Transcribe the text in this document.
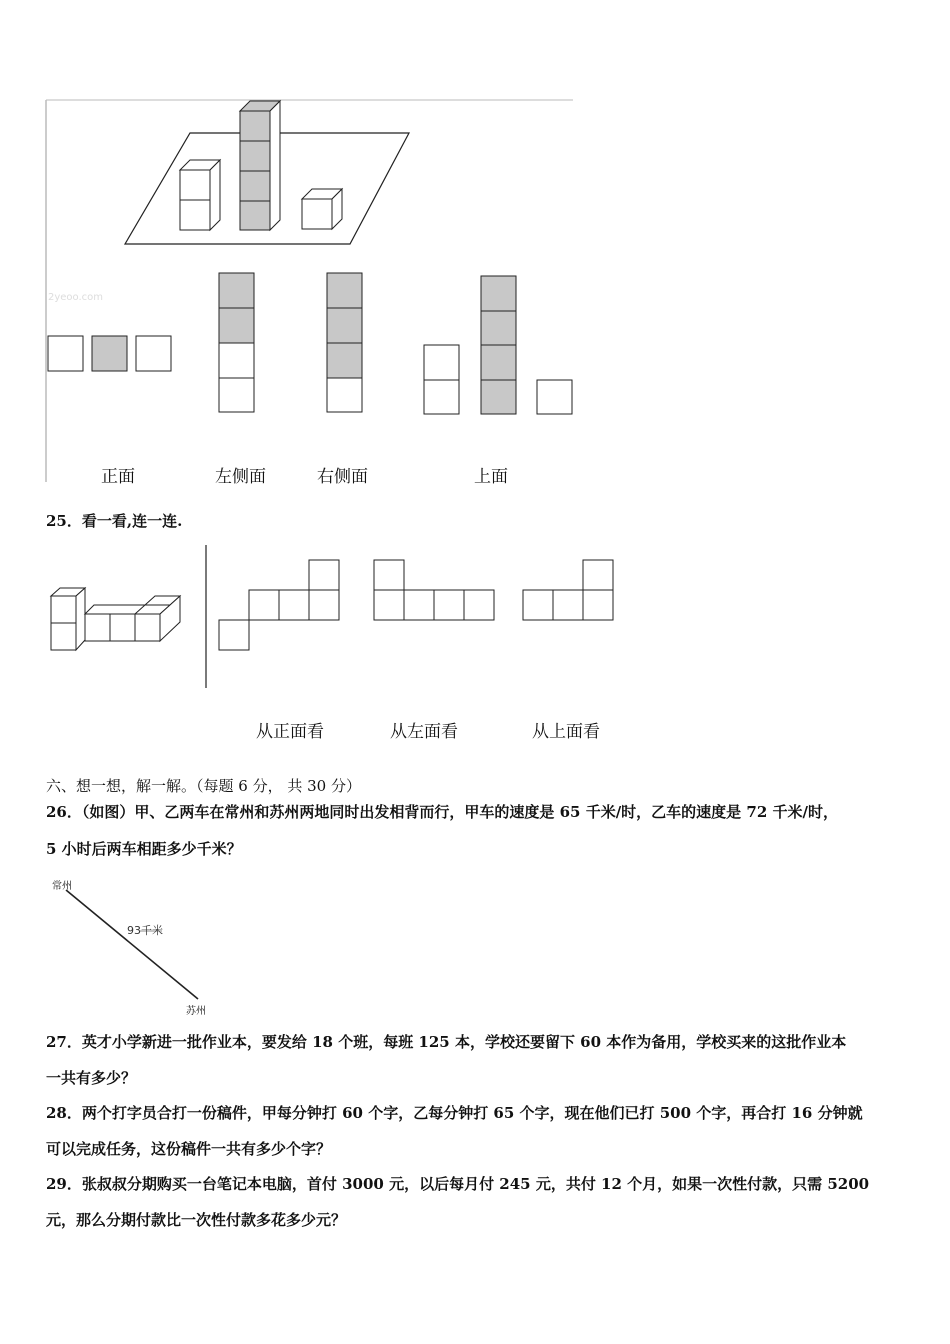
2yeoo.com
正面	左侧面	右侧面	上面
25．看一看,连一连.
从正面看	从左面看	从上面看
六、想一想，解一解。（每题 6 分， 共 30 分）
26．（如图）甲、乙两车在常州和苏州两地同时出发相背而行，甲车的速度是 65 千米/时，乙车的速度是 72 千米/时，
5 小时后两车相距多少千米？
常州
93千米
苏州
27．英才小学新进一批作业本，要发给 18 个班，每班 125 本，学校还要留下 60 本作为备用，学校买来的这批作业本
一共有多少？
28．两个打字员合打一份稿件，甲每分钟打 60 个字，乙每分钟打 65 个字，现在他们已打 500 个字，再合打 16 分钟就
可以完成任务，这份稿件一共有多少个字？
29．张叔叔分期购买一台笔记本电脑，首付 3000 元，以后每月付 245 元，共付 12 个月，如果一次性付款，只需 5200
元，那么分期付款比一次性付款多花多少元？
